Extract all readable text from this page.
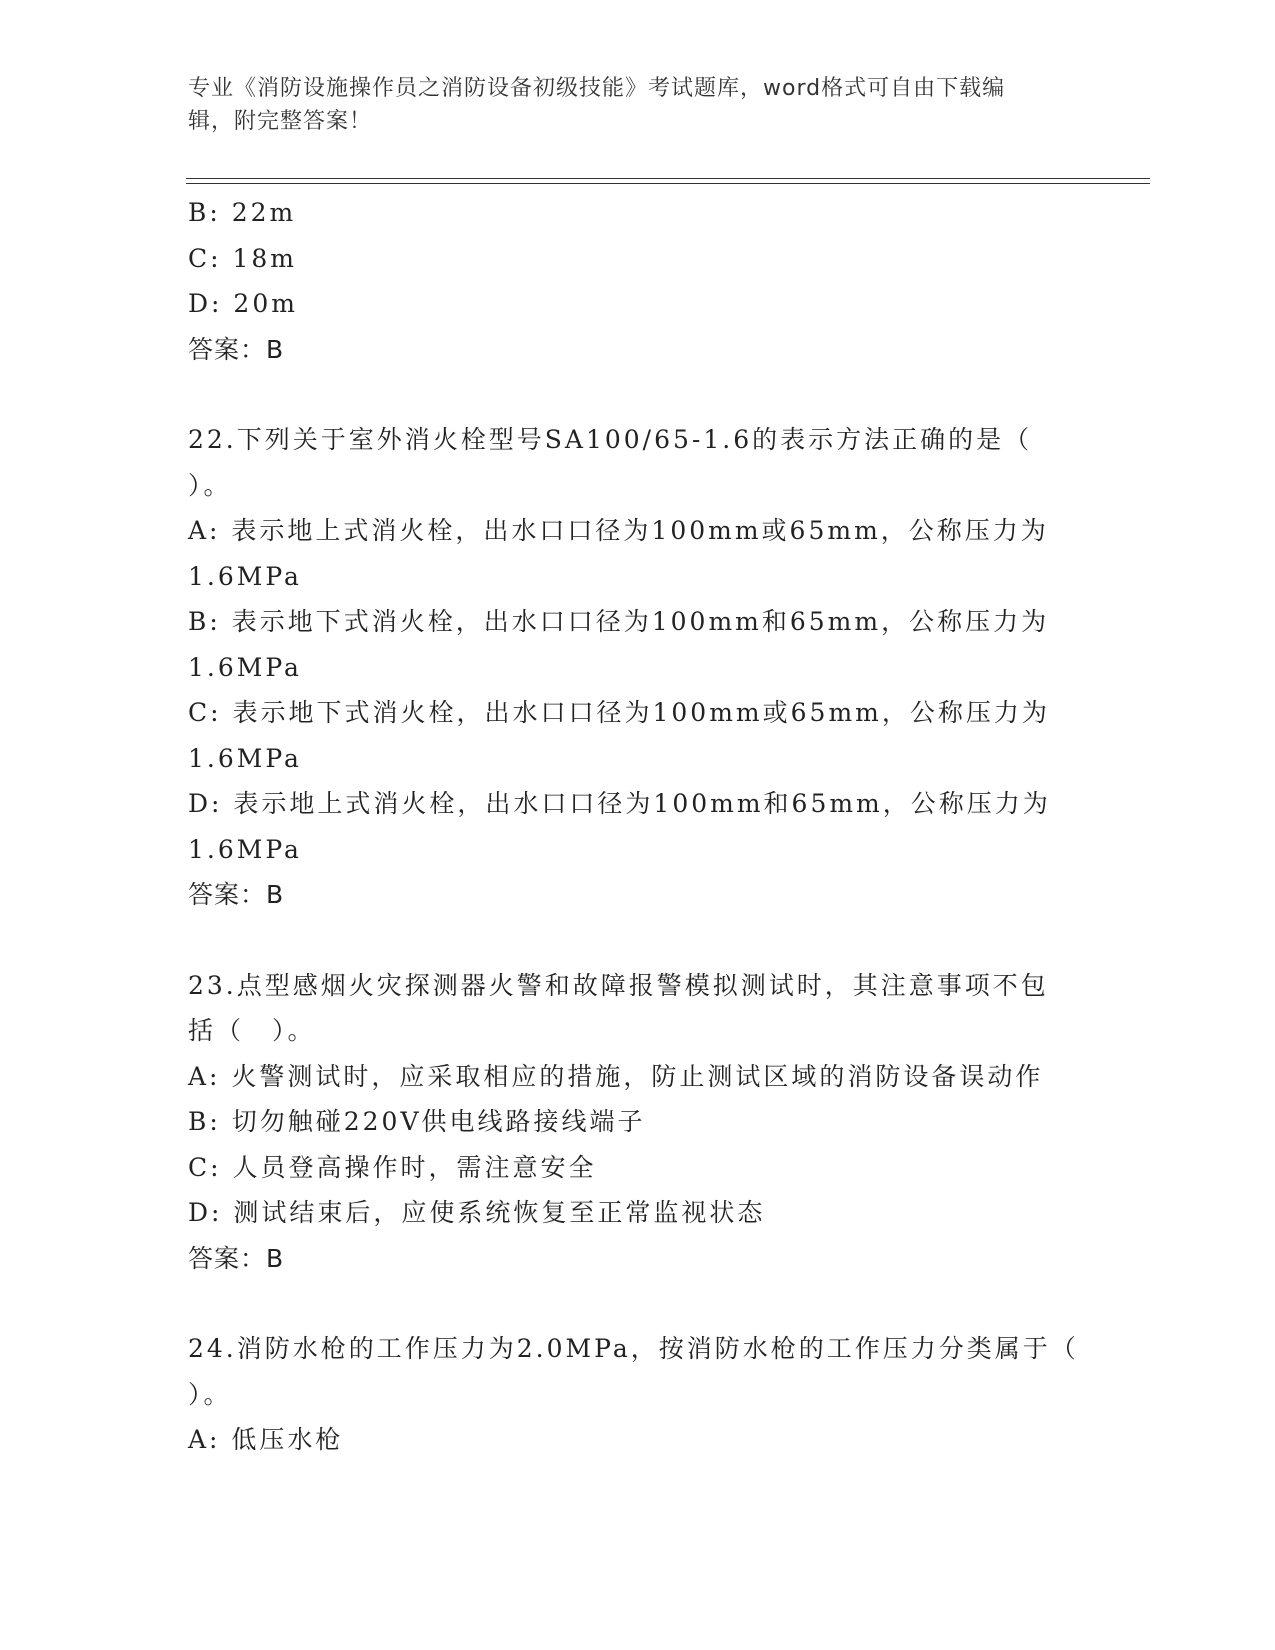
专业《消防设施操作员之消防设备初级技能》考试题库，word格式可自由下载编
辑，附完整答案！
B: 22m
C: 18m
D: 20m
答案：B
22.下列关于室外消火栓型号SA100/65-1.6的表示方法正确的是（
）。
A: 表示地上式消火栓，出水口口径为100mm或65mm，公称压力为
1.6MPa
B: 表示地下式消火栓，出水口口径为100mm和65mm，公称压力为
1.6MPa
C: 表示地下式消火栓，出水口口径为100mm或65mm，公称压力为
1.6MPa
D: 表示地上式消火栓，出水口口径为100mm和65mm，公称压力为
1.6MPa
答案：B
23.点型感烟火灾探测器火警和故障报警模拟测试时，其注意事项不包
括（　）。
A: 火警测试时，应采取相应的措施，防止测试区域的消防设备误动作
B: 切勿触碰220V供电线路接线端子
C: 人员登高操作时，需注意安全
D: 测试结束后，应使系统恢复至正常监视状态
答案：B
24.消防水枪的工作压力为2.0MPa，按消防水枪的工作压力分类属于（
）。
A: 低压水枪
